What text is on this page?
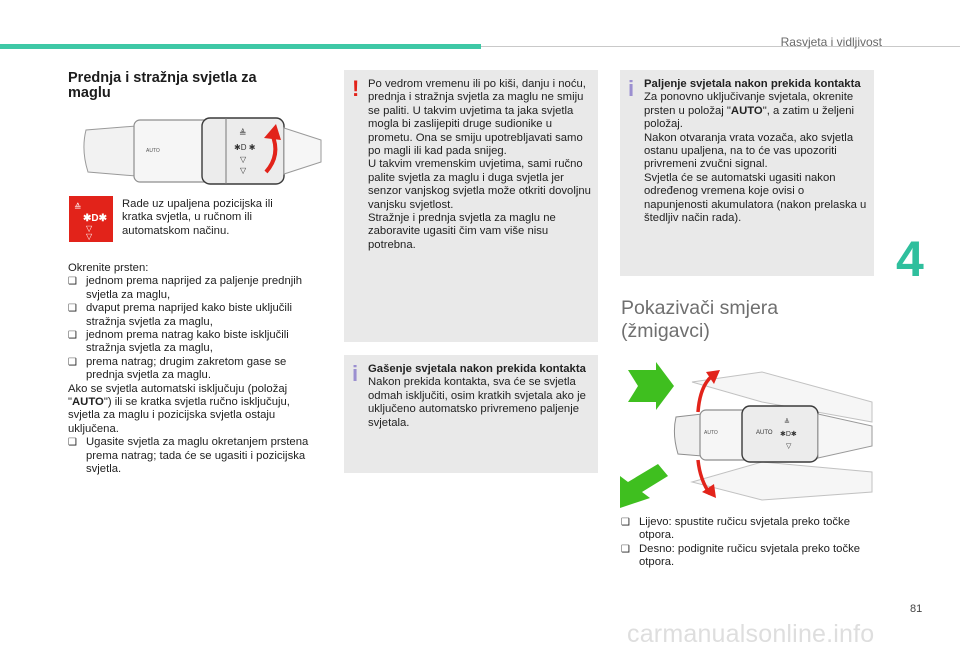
Rasvjeta i vidljivost
4
Prednja i stražnja svjetla za
maglu
AUTO
≜
✱D ✱
▽
▽
≙
✱D✱
▽
▽
Rade uz upaljena pozicijska ili kratka svjetla, u ručnom ili automatskom načinu.

Okrenite prsten:

❑ jednom prema naprijed za paljenje prednjih svjetla za maglu,

❑ dvaput prema naprijed kako biste uključili stražnja svjetla za maglu,

❑ jednom prema natrag kako biste isključili stražnja svjetla za maglu,

❑ prema natrag; drugim zakretom gase se prednja svjetla za maglu.

Ako se svjetla automatski isključuju (položaj "AUTO") ili se kratka svjetla ručno isključuju, svjetla za maglu i pozicijska svjetla ostaju uključena.

❑ Ugasite svjetla za maglu okretanjem prstena prema natrag; tada će se ugasiti i pozicijska svjetla.

! Po vedrom vremenu ili po kiši, danju i noću, prednja i stražnja svjetla za maglu ne smiju se paliti. U takvim uvjetima ta jaka svjetla mogla bi zaslijepiti druge sudionike u prometu. Ona se smiju upotrebljavati samo po magli ili kad pada snijeg.

U takvim vremenskim uvjetima, sami ručno palite svjetla za maglu i duga svjetla jer senzor vanjskog svjetla može otkriti dovoljnu vanjsku svjetlost.

Stražnje i prednja svjetla za maglu ne zaboravite ugasiti čim vam više nisu potrebna.

i Gašenje svjetala nakon prekida kontakta

Nakon prekida kontakta, sva će se svjetla odmah isključiti, osim kratkih svjetala ako je uključeno automatsko privremeno paljenje svjetala.

i Paljenje svjetala nakon prekida kontakta

Za ponovno uključivanje svjetala, okrenite prsten u položaj "AUTO", a zatim u željeni položaj.

Nakon otvaranja vrata vozača, ako svjetla ostanu upaljena, na to će vas upozoriti privremeni zvučni signal.

Svjetla će se automatski ugasiti nakon određenog vremena koje ovisi o napunjenosti akumulatora (nakon prelaska u štedljiv način rada).

Pokazivači smjera
(žmigavci)
AUTO	AUTO
≜
✱D✱
▽

❑ Lijevo: spustite ručicu svjetala preko točke otpora.

❑ Desno: podignite ručicu svjetala preko točke otpora.

81
carmanualsonline.info
